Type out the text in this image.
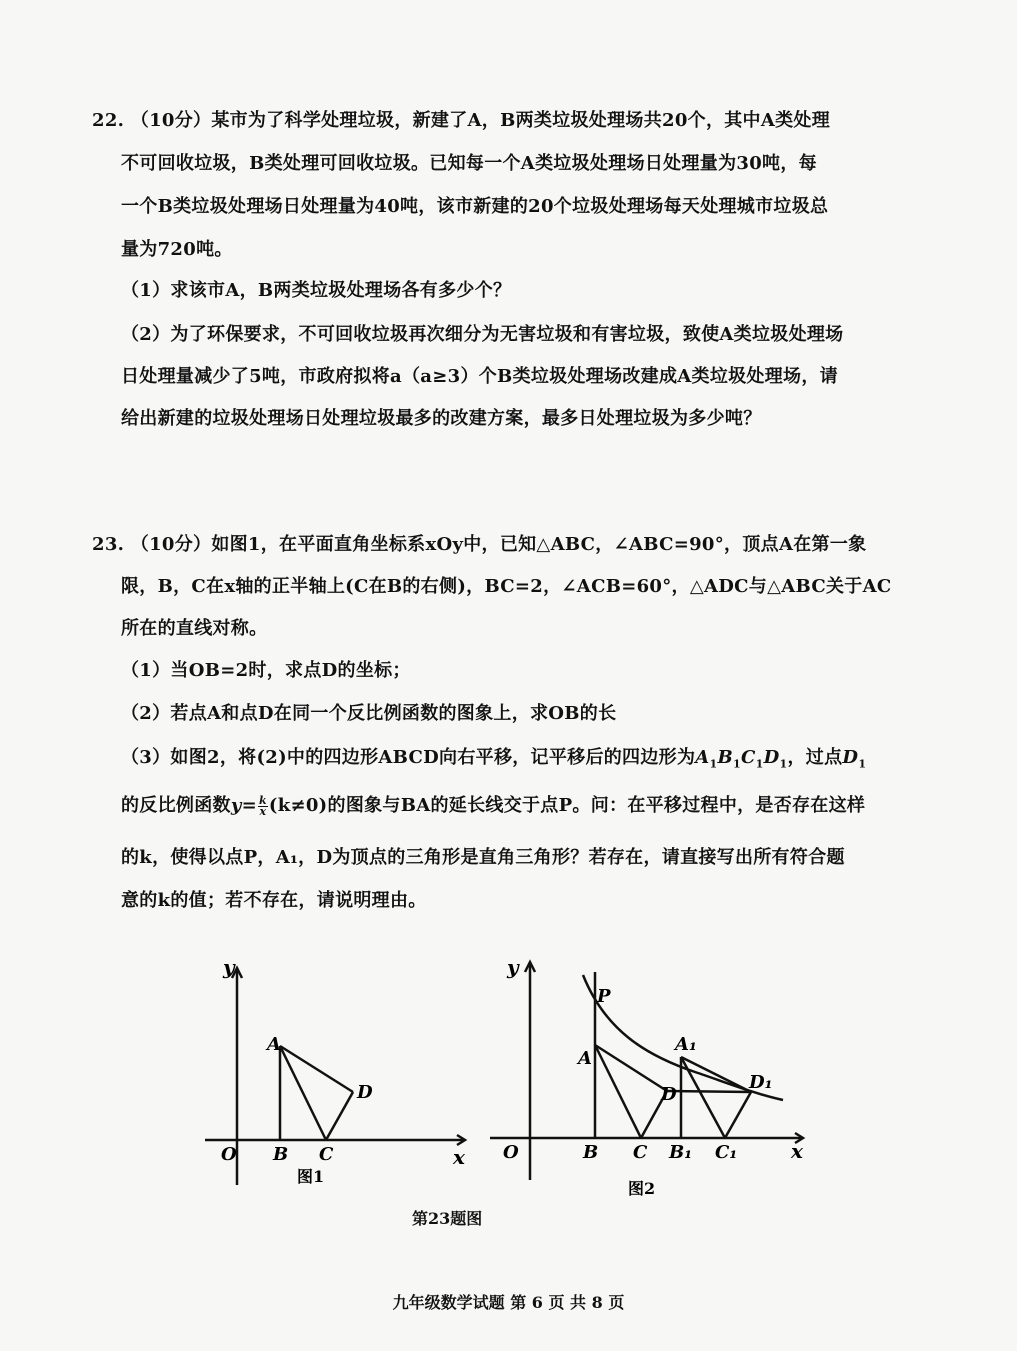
22. （10分）某市为了科学处理垃圾，新建了A，B两类垃圾处理场共20个，其中A类处理
不可回收垃圾，B类处理可回收垃圾。已知每一个A类垃圾处理场日处理量为30吨，每
一个B类垃圾处理场日处理量为40吨，该市新建的20个垃圾处理场每天处理城市垃圾总
量为720吨。
（1）求该市A，B两类垃圾处理场各有多少个？
（2）为了环保要求，不可回收垃圾再次细分为无害垃圾和有害垃圾，致使A类垃圾处理场
日处理量减少了5吨，市政府拟将a（a≥3）个B类垃圾处理场改建成A类垃圾处理场，请
给出新建的垃圾处理场日处理垃圾最多的改建方案，最多日处理垃圾为多少吨？
23. （10分）如图1，在平面直角坐标系xOy中，已知△ABC，∠ABC=90°，顶点A在第一象
限，B，C在x轴的正半轴上(C在B的右侧)，BC=2，∠ACB=60°，△ADC与△ABC关于AC
所在的直线对称。
（1）当OB=2时，求点D的坐标；
（2）若点A和点D在同一个反比例函数的图象上，求OB的长
（3）如图2，将(2)中的四边形ABCD向右平移，记平移后的四边形为$A_1B_1C_1D_1$，过点$D_1$
的反比例函数$y= \frac{k}{x} (k\ne 0)$的图象与BA的延长线交于点P。问：在平移过程中，是否存在这样
的k，使得以点P，A₁，D为顶点的三角形是直角三角形？若存在，请直接写出所有符合题
意的k的值；若不存在，请说明理由。
y
x
O
A
B C
D
图1
y
x
O
P
A
B C
D
A₁
B₁ C₁
D₁
图2
第23题图
九年级数学试题 第 6 页 共 8 页
